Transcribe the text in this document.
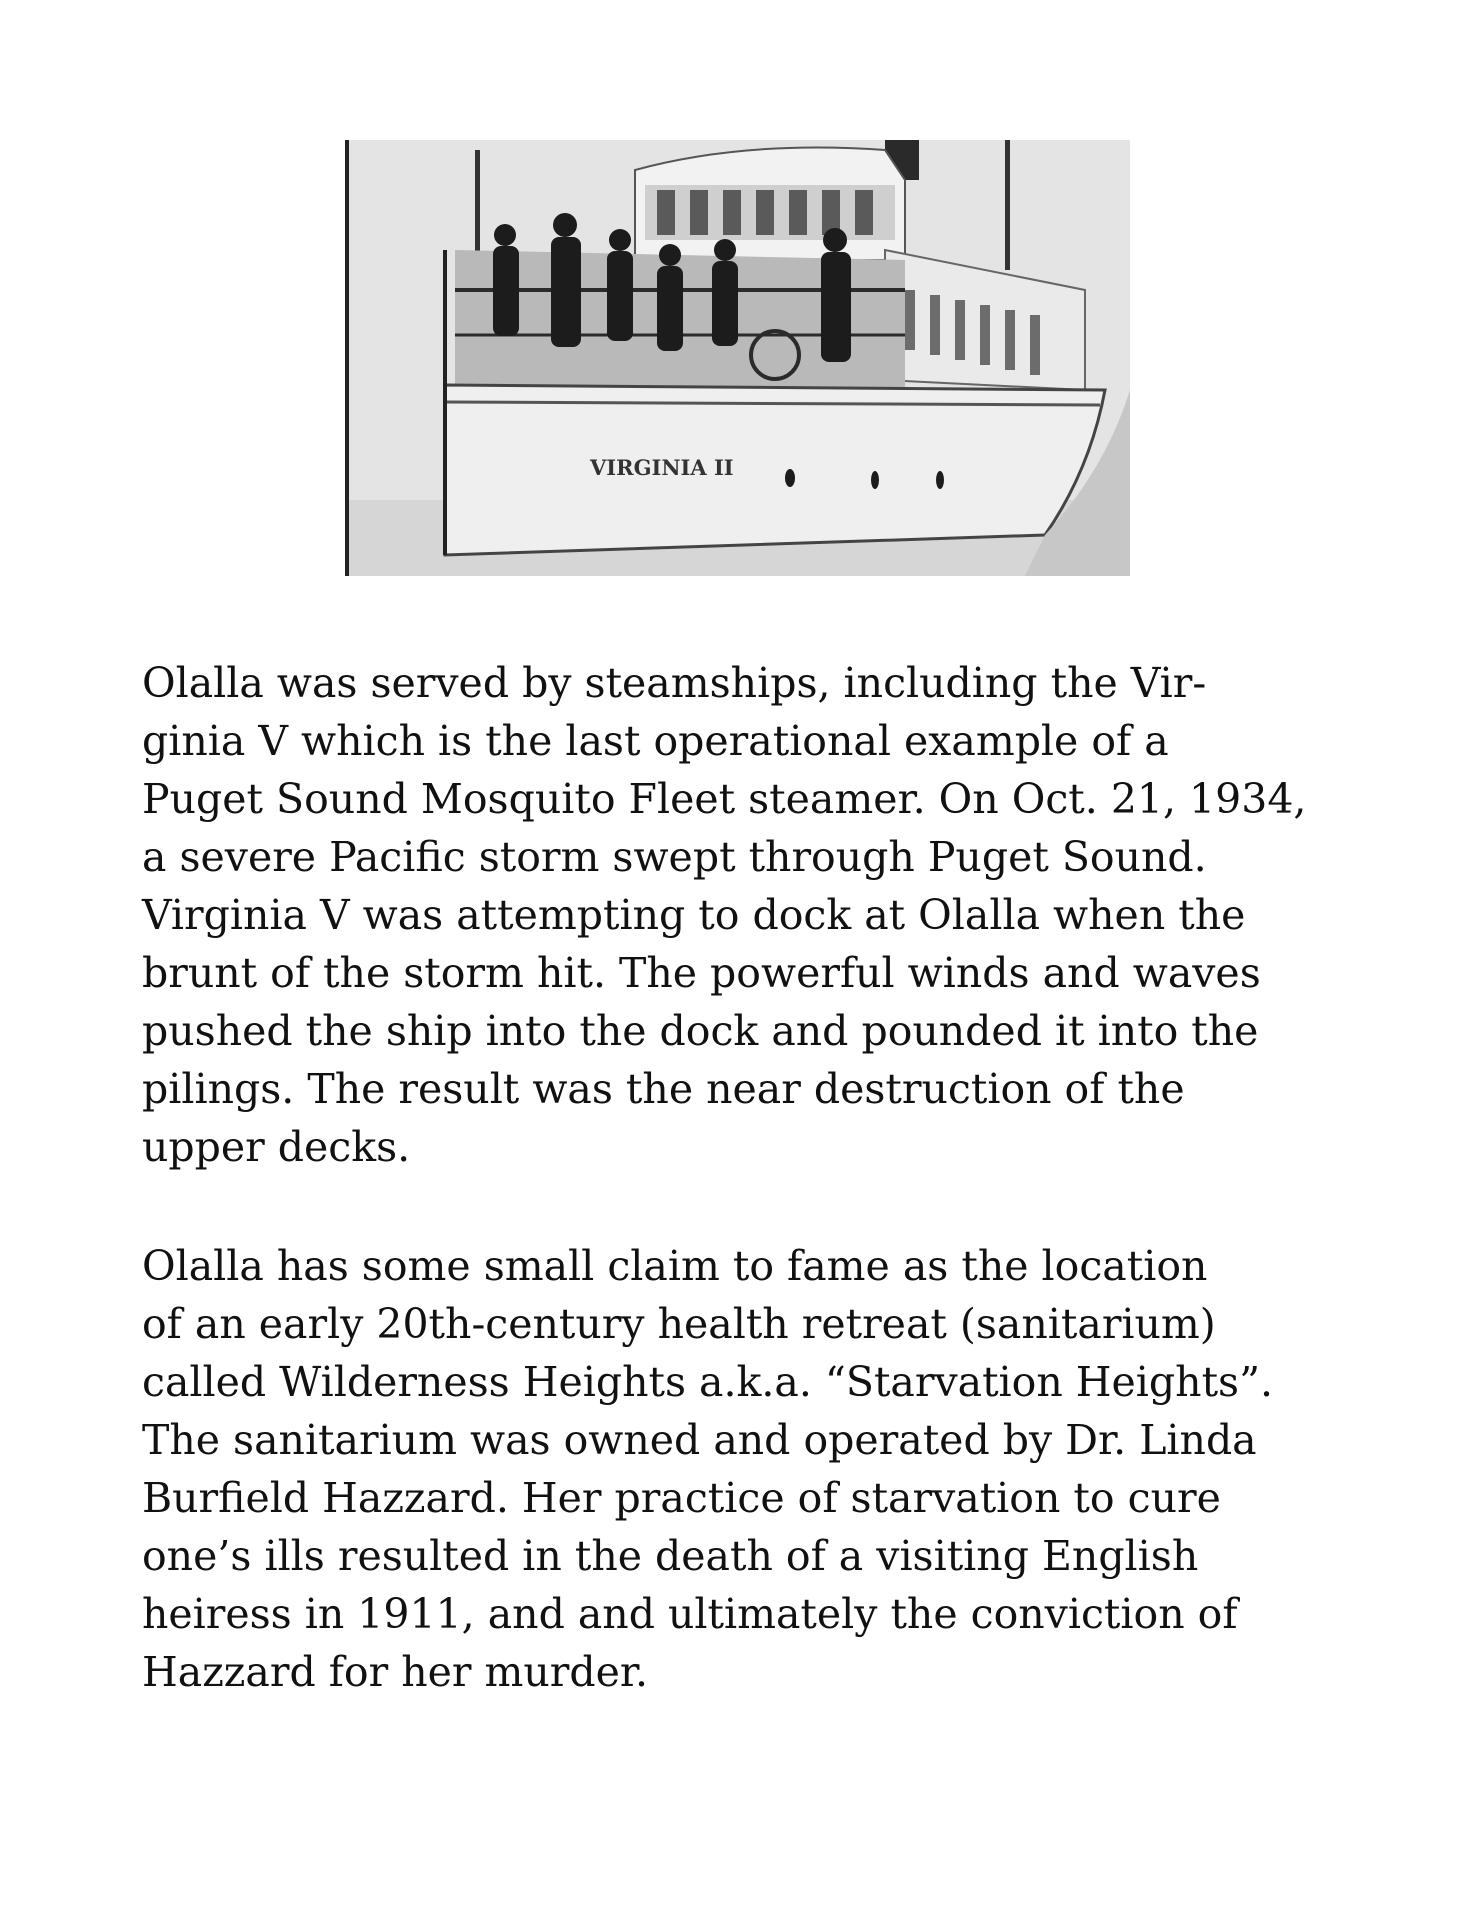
VIRGINIA II
Olalla was served by steamships, including the Vir-
ginia V which is the last operational example of a
Puget Sound Mosquito Fleet steamer. On Oct. 21, 1934,
a severe Pacific storm swept through Puget Sound.
Virginia V was attempting to dock at Olalla when the
brunt of the storm hit. The powerful winds and waves
pushed the ship into the dock and pounded it into the
pilings. The result was the near destruction of the
upper decks.
Olalla has some small claim to fame as the location
of an early 20th-century health retreat (sanitarium)
called Wilderness Heights a.k.a. “Starvation Heights”.
The sanitarium was owned and operated by Dr. Linda
Burfield Hazzard. Her practice of starvation to cure
one’s ills resulted in the death of a visiting English
heiress in 1911, and and ultimately the conviction of
Hazzard for her murder.
